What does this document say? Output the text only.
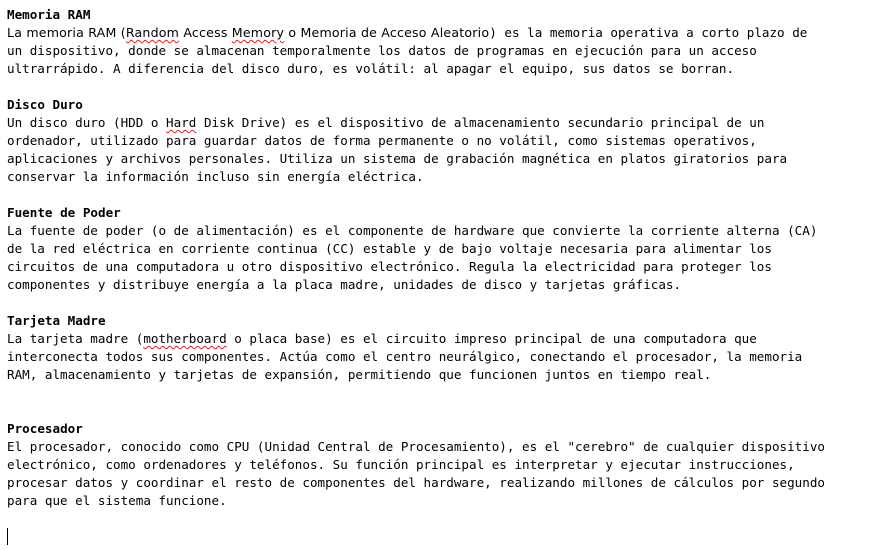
Memoria RAM
La memoria RAM (Random Access Memory o Memoria de Acceso Aleatorio) es la memoria operativa a corto plazo de
un dispositivo, donde se almacenan temporalmente los datos de programas en ejecución para un acceso
ultrarrápido. A diferencia del disco duro, es volátil: al apagar el equipo, sus datos se borran.
Disco Duro
Un disco duro (HDD o Hard Disk Drive) es el dispositivo de almacenamiento secundario principal de un
ordenador, utilizado para guardar datos de forma permanente o no volátil, como sistemas operativos,
aplicaciones y archivos personales. Utiliza un sistema de grabación magnética en platos giratorios para
conservar la información incluso sin energía eléctrica.
Fuente de Poder
La fuente de poder (o de alimentación) es el componente de hardware que convierte la corriente alterna (CA)
de la red eléctrica en corriente continua (CC) estable y de bajo voltaje necesaria para alimentar los
circuitos de una computadora u otro dispositivo electrónico. Regula la electricidad para proteger los
componentes y distribuye energía a la placa madre, unidades de disco y tarjetas gráficas.
Tarjeta Madre
La tarjeta madre (motherboard o placa base) es el circuito impreso principal de una computadora que
interconecta todos sus componentes. Actúa como el centro neurálgico, conectando el procesador, la memoria
RAM, almacenamiento y tarjetas de expansión, permitiendo que funcionen juntos en tiempo real.
Procesador
El procesador, conocido como CPU (Unidad Central de Procesamiento), es el "cerebro" de cualquier dispositivo
electrónico, como ordenadores y teléfonos. Su función principal es interpretar y ejecutar instrucciones,
procesar datos y coordinar el resto de componentes del hardware, realizando millones de cálculos por segundo
para que el sistema funcione.
